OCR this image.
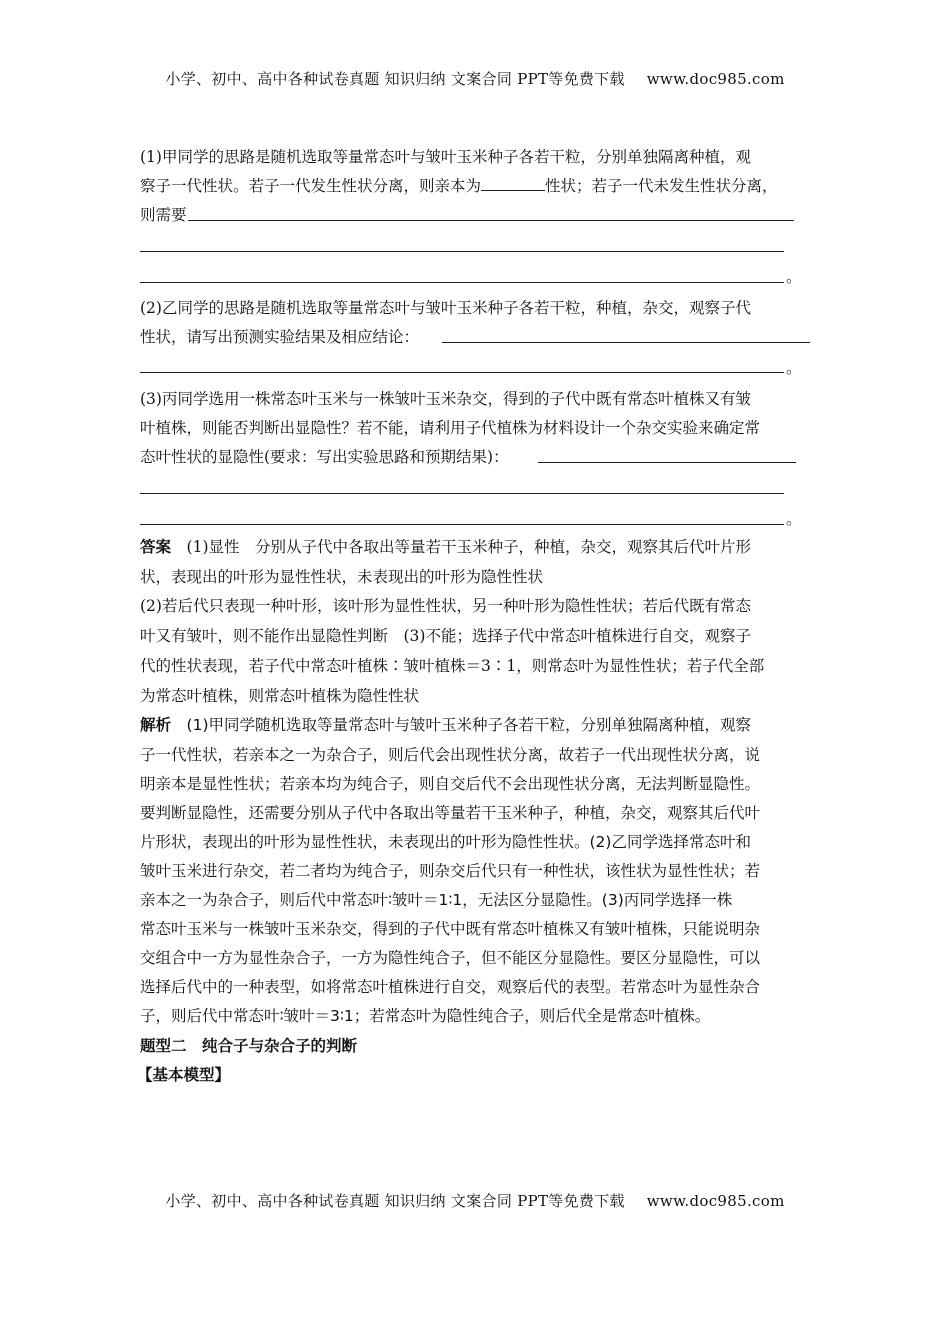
小学、初中、高中各种试卷真题 知识归纳 文案合同 PPT等免费下载 www.doc985.com
(1)甲同学的思路是随机选取等量常态叶与皱叶玉米种子各若干粒，分别单独隔离种植，观
察子一代性状。若子一代发生性状分离，则亲本为	性状；若子一代未发生性状分离，
则需要
。
(2)乙同学的思路是随机选取等量常态叶与皱叶玉米种子各若干粒，种植，杂交，观察子代
性状，请写出预测实验结果及相应结论：
。
(3)丙同学选用一株常态叶玉米与一株皱叶玉米杂交，得到的子代中既有常态叶植株又有皱
叶植株，则能否判断出显隐性？若不能，请利用子代植株为材料设计一个杂交实验来确定常
态叶性状的显隐性(要求：写出实验思路和预期结果)：
。
答案　 (1)显性　分别从子代中各取出等量若干玉米种子，种植，杂交，观察其后代叶片形
状，表现出的叶形为显性性状，未表现出的叶形为隐性性状
(2)若后代只表现一种叶形，该叶形为显性性状，另一种叶形为隐性性状；若后代既有常态
叶又有皱叶，则不能作出显隐性判断　(3)不能；选择子代中常态叶植株进行自交，观察子
代的性状表现，若子代中常态叶植株∶皱叶植株＝3∶1，则常态叶为显性性状；若子代全部
为常态叶植株，则常态叶植株为隐性性状
解析　 (1)甲同学随机选取等量常态叶与皱叶玉米种子各若干粒，分别单独隔离种植，观察
子一代性状，若亲本之一为杂合子，则后代会出现性状分离，故若子一代出现性状分离，说
明亲本是显性性状；若亲本均为纯合子，则自交后代不会出现性状分离，无法判断显隐性。
要判断显隐性，还需要分别从子代中各取出等量若干玉米种子，种植，杂交，观察其后代叶
片形状，表现出的叶形为显性性状，未表现出的叶形为隐性性状。(2)乙同学选择常态叶和
皱叶玉米进行杂交，若二者均为纯合子，则杂交后代只有一种性状，该性状为显性性状；若
亲本之一为杂合子，则后代中常态叶∶皱叶＝1∶1，无法区分显隐性。(3)丙同学选择一株
常态叶玉米与一株皱叶玉米杂交，得到的子代中既有常态叶植株又有皱叶植株，只能说明杂
交组合中一方为显性杂合子，一方为隐性纯合子，但不能区分显隐性。要区分显隐性，可以
选择后代中的一种表型，如将常态叶植株进行自交，观察后代的表型。若常态叶为显性杂合
子，则后代中常态叶∶皱叶＝3∶1；若常态叶为隐性纯合子，则后代全是常态叶植株。
题型二　纯合子与杂合子的判断
【基本模型】
小学、初中、高中各种试卷真题 知识归纳 文案合同 PPT等免费下载 www.doc985.com
